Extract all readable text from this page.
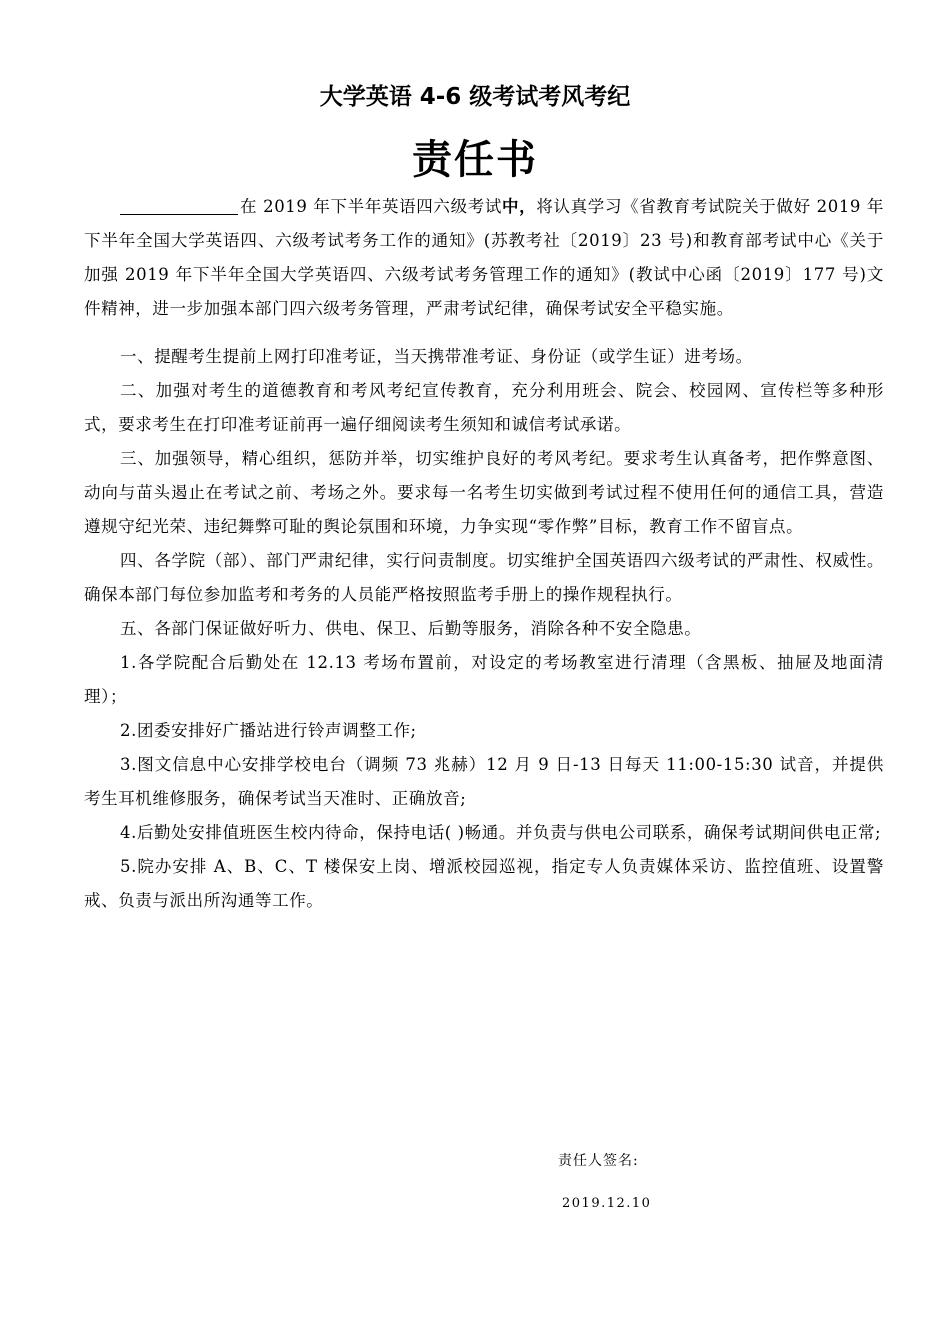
大学英语 4-6 级考试考风考纪
责任书

在 2019 年下半年英语四六级考试中，将认真学习《省教育考试院关于做好 2019 年下半年全国大学英语四、六级考试考务工作的通知》(苏教考社〔2019〕23 号)和教育部考试中心《关于加强 2019 年下半年全国大学英语四、六级考试考务管理工作的通知》(教试中心函〔2019〕177 号)文件精神，进一步加强本部门四六级考务管理，严肃考试纪律，确保考试安全平稳实施。

一、提醒考生提前上网打印准考证，当天携带准考证、身份证（或学生证）进考场。

二、加强对考生的道德教育和考风考纪宣传教育，充分利用班会、院会、校园网、宣传栏等多种形式，要求考生在打印准考证前再一遍仔细阅读考生须知和诚信考试承诺。

三、加强领导，精心组织，惩防并举，切实维护良好的考风考纪。要求考生认真备考，把作弊意图、动向与苗头遏止在考试之前、考场之外。要求每一名考生切实做到考试过程不使用任何的通信工具，营造遵规守纪光荣、违纪舞弊可耻的舆论氛围和环境，力争实现“零作弊”目标，教育工作不留盲点。

四、各学院（部）、部门严肃纪律，实行问责制度。切实维护全国英语四六级考试的严肃性、权威性。确保本部门每位参加监考和考务的人员能严格按照监考手册上的操作规程执行。

五、各部门保证做好听力、供电、保卫、后勤等服务，消除各种不安全隐患。

1.各学院配合后勤处在 12.13 考场布置前，对设定的考场教室进行清理（含黑板、抽屉及地面清理）；

2.团委安排好广播站进行铃声调整工作;

3.图文信息中心安排学校电台（调频 73 兆赫）12 月 9 日-13 日每天 11:00-15:30 试音，并提供考生耳机维修服务，确保考试当天准时、正确放音;

4.后勤处安排值班医生校内待命，保持电话( )畅通。并负责与供电公司联系，确保考试期间供电正常;

5.院办安排 A、B、C、T 楼保安上岗、增派校园巡视，指定专人负责媒体采访、监控值班、设置警戒、负责与派出所沟通等工作。

责任人签名:
2019.12.10
